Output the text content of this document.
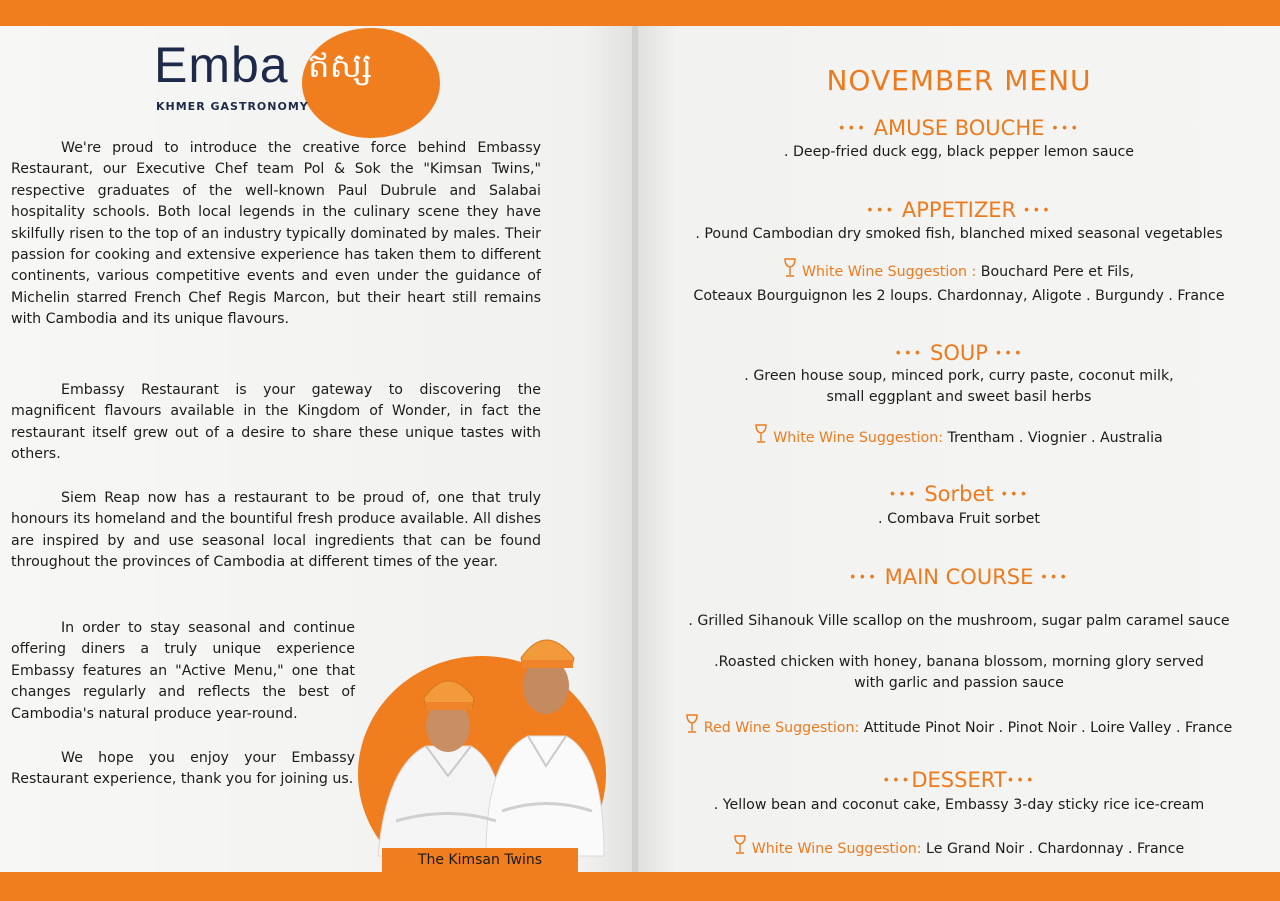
Emba ឥស្ស
KHMER GASTRONOMY

We're proud to introduce the creative force behind Embassy Restaurant, our Executive Chef team Pol & Sok the "Kimsan Twins," respective graduates of the well-known Paul Dubrule and Salabai hospitality schools. Both local legends in the culinary scene they have skilfully risen to the top of an industry typically dominated by males. Their passion for cooking and extensive experience has taken them to different continents, various competitive events and even under the guidance of Michelin starred French Chef Regis Marcon, but their heart still remains with Cambodia and its unique flavours.

Embassy Restaurant is your gateway to discovering the magnificent flavours available in the Kingdom of Wonder, in fact the restaurant itself grew out of a desire to share these unique tastes with others.

Siem Reap now has a restaurant to be proud of, one that truly honours its homeland and the bountiful fresh produce available. All dishes are inspired by and use seasonal local ingredients that can be found throughout the provinces of Cambodia at different times of the year.

In order to stay seasonal and continue offering diners a truly unique experience Embassy features an "Active Menu," one that changes regularly and reflects the best of Cambodia's natural produce year-round.

We hope you enjoy your Embassy Restaurant experience, thank you for joining us.

The Kimsan Twins
NOVEMBER MENU
••• AMUSE BOUCHE •••
. Deep-fried duck egg, black pepper lemon sauce
••• APPETIZER •••
. Pound Cambodian dry smoked fish, blanched mixed seasonal vegetables
White Wine Suggestion : Bouchard Pere et Fils,
Coteaux Bourguignon les 2 loups. Chardonnay, Aligote . Burgundy . France
••• SOUP •••
. Green house soup, minced pork, curry paste, coconut milk,
small eggplant and sweet basil herbs
White Wine Suggestion: Trentham . Viognier . Australia
••• Sorbet •••
. Combava Fruit sorbet
••• MAIN COURSE •••
. Grilled Sihanouk Ville scallop on the mushroom, sugar palm caramel sauce
.Roasted chicken with honey, banana blossom, morning glory served
with garlic and passion sauce
Red Wine Suggestion: Attitude Pinot Noir . Pinot Noir . Loire Valley . France
•••DESSERT•••
. Yellow bean and coconut cake, Embassy 3-day sticky rice ice-cream
White Wine Suggestion: Le Grand Noir . Chardonnay . France
